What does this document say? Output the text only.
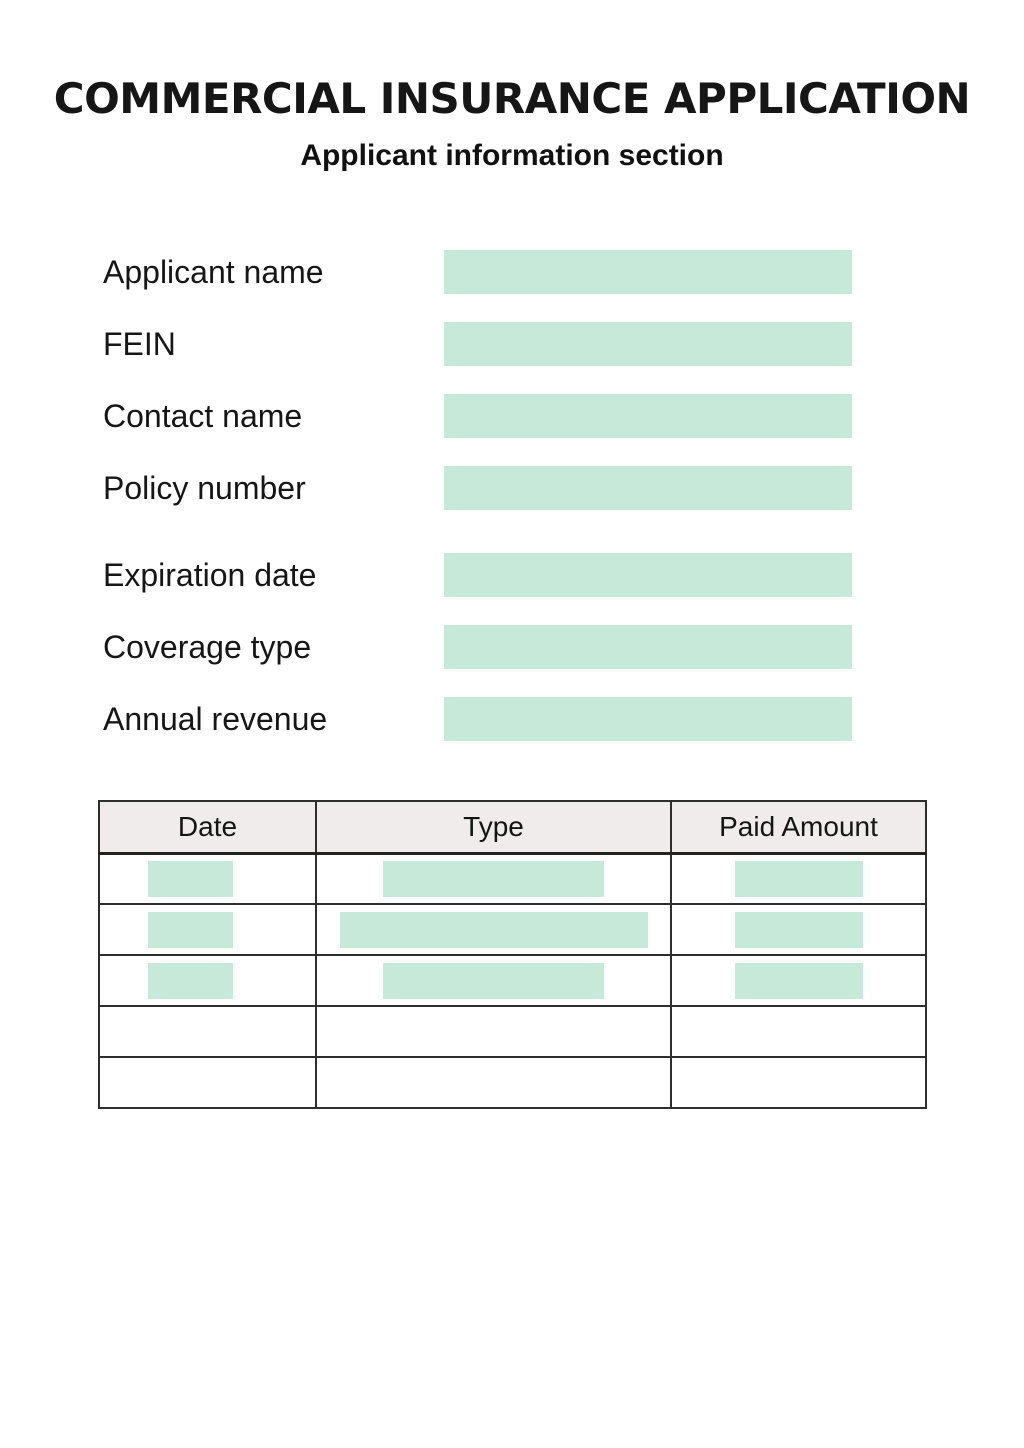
COMMERCIAL INSURANCE APPLICATION
Applicant information section
Applicant name
FEIN
Contact name
Policy number
Expiration date
Coverage type
Annual revenue
Date	Type	Paid Amount
